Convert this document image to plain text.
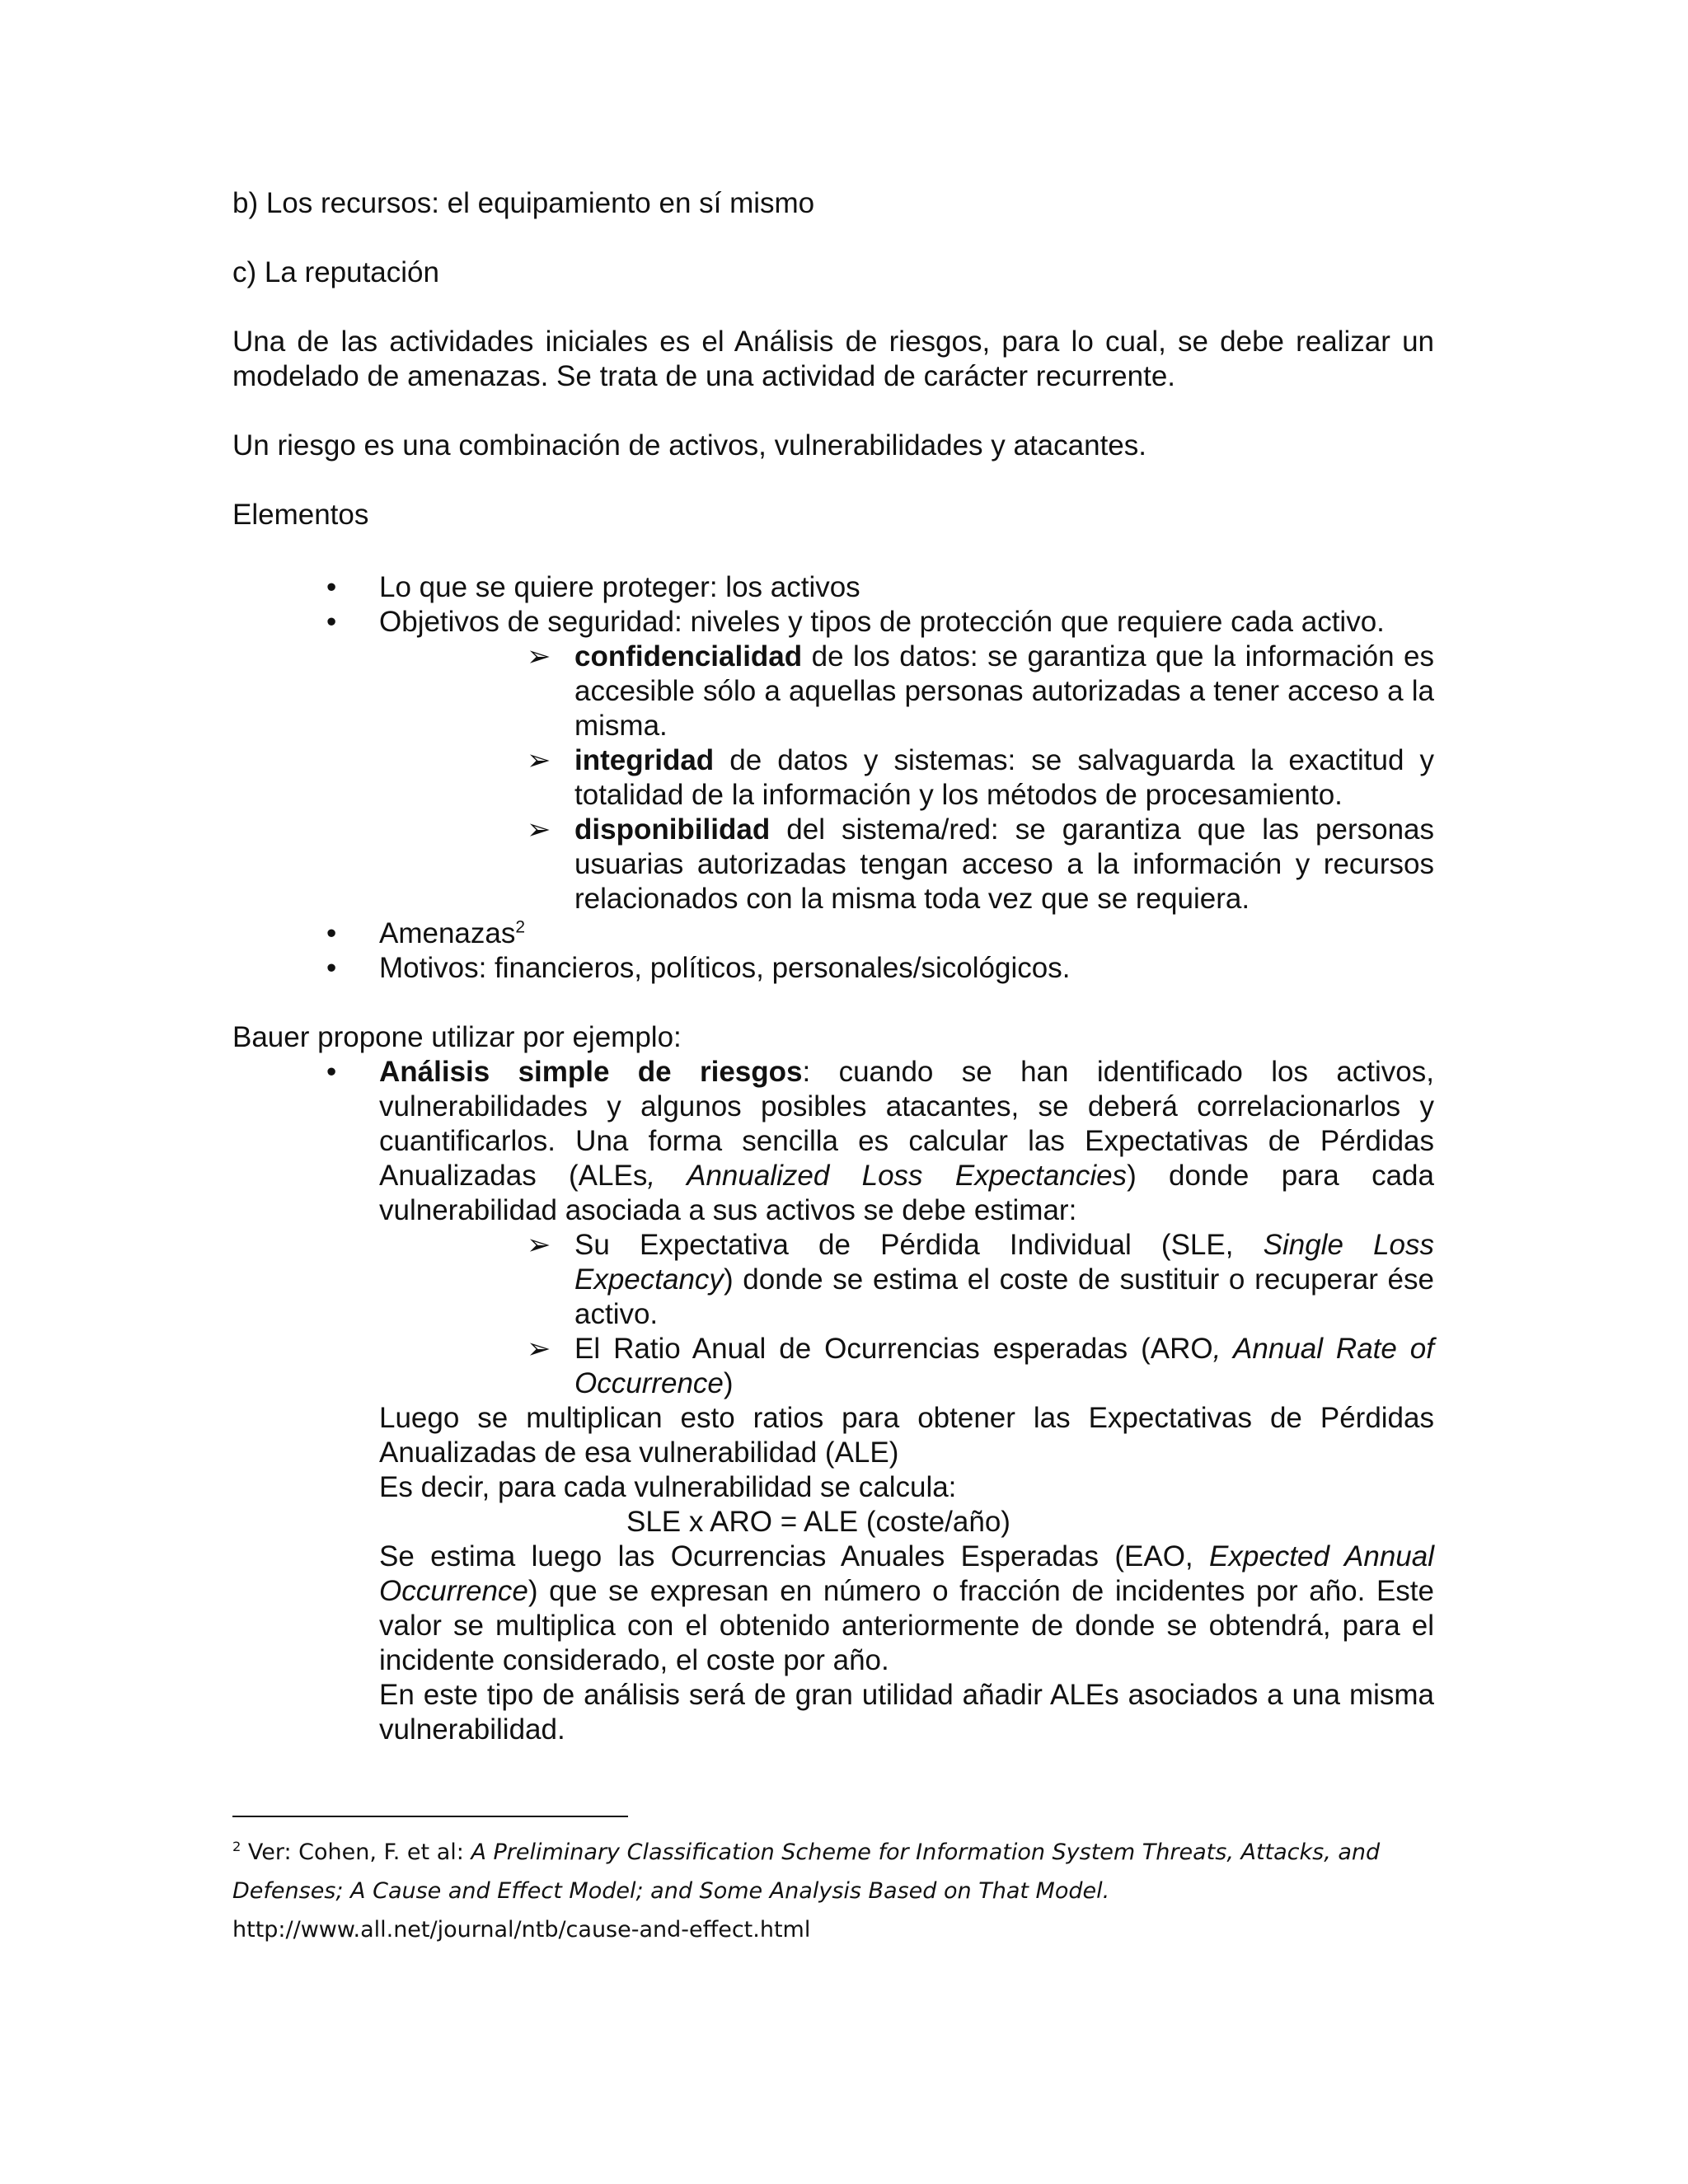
b) Los recursos: el equipamiento en sí mismo

c) La reputación

Una de las actividades iniciales es el Análisis de riesgos, para lo cual, se debe realizar un modelado de amenazas. Se trata de una actividad de carácter recurrente.

Un riesgo es una combinación de activos, vulnerabilidades y atacantes.

Elementos

• Lo que se quiere proteger: los activos
• Objetivos de seguridad: niveles y tipos de protección que requiere cada activo.
➢ confidencialidad de los datos: se garantiza que la información es accesible sólo a aquellas personas autorizadas a tener acceso a la misma.
➢ integridad de datos y sistemas: se salvaguarda la exactitud y totalidad de la información y los métodos de procesamiento.
➢ disponibilidad del sistema/red: se garantiza que las personas usuarias autorizadas tengan acceso a la información y recursos relacionados con la misma toda vez que se requiera.
• Amenazas$^2$
• Motivos: financieros, políticos, personales/sicológicos.

Bauer propone utilizar por ejemplo:

• Análisis simple de riesgos: cuando se han identificado los activos, vulnerabilidades y algunos posibles atacantes, se deberá correlacionarlos y cuantificarlos. Una forma sencilla es calcular las Expectativas de Pérdidas Anualizadas (ALEs, Annualized Loss Expectancies) donde para cada vulnerabilidad asociada a sus activos se debe estimar:
➢ Su Expectativa de Pérdida Individual (SLE, Single Loss Expectancy) donde se estima el coste de sustituir o recuperar ése activo.
➢ El Ratio Anual de Ocurrencias esperadas (ARO, Annual Rate of Occurrence)

Luego se multiplican esto ratios para obtener las Expectativas de Pérdidas Anualizadas de esa vulnerabilidad (ALE)

Es decir, para cada vulnerabilidad se calcula:

SLE x ARO = ALE (coste/año)

Se estima luego las Ocurrencias Anuales Esperadas (EAO, Expected Annual Occurrence) que se expresan en número o fracción de incidentes por año. Este valor se multiplica con el obtenido anteriormente de donde se obtendrá, para el incidente considerado, el coste por año.

En este tipo de análisis será de gran utilidad añadir ALEs asociados a una misma vulnerabilidad.

$^2$ Ver: Cohen, F. et al: A Preliminary Classification Scheme for Information System Threats, Attacks, and Defenses; A Cause and Effect Model; and Some Analysis Based on That Model.
http://www.all.net/journal/ntb/cause-and-effect.html
